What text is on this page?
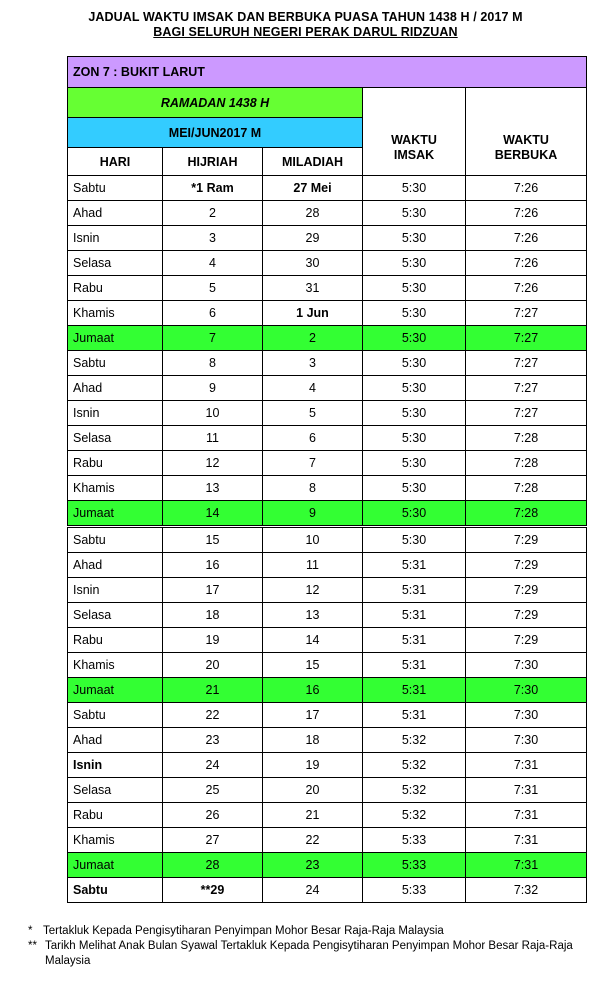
JADUAL WAKTU IMSAK DAN BERBUKA PUASA TAHUN 1438 H / 2017 M
BAGI SELURUH NEGERI PERAK DARUL RIDZUAN
ZON 7 : BUKIT LARUT				
RAMADAN 1438 H			WAKTU IMSAK	WAKTU BERBUKA
MEI/JUN2017 M				
HARI	HIJRIAH	MILADIAH		
Sabtu	*1 Ram	27 Mei	5:30	7:26
Ahad	2	28	5:30	7:26
Isnin	3	29	5:30	7:26
Selasa	4	30	5:30	7:26
Rabu	5	31	5:30	7:26
Khamis	6	1 Jun	5:30	7:27
Jumaat	7	2	5:30	7:27
Sabtu	8	3	5:30	7:27
Ahad	9	4	5:30	7:27
Isnin	10	5	5:30	7:27
Selasa	11	6	5:30	7:28
Rabu	12	7	5:30	7:28
Khamis	13	8	5:30	7:28
Jumaat	14	9	5:30	7:28
Sabtu	15	10	5:30	7:29
Ahad	16	11	5:31	7:29
Isnin	17	12	5:31	7:29
Selasa	18	13	5:31	7:29
Rabu	19	14	5:31	7:29
Khamis	20	15	5:31	7:30
Jumaat	21	16	5:31	7:30
Sabtu	22	17	5:31	7:30
Ahad	23	18	5:32	7:30
Isnin	24	19	5:32	7:31
Selasa	25	20	5:32	7:31
Rabu	26	21	5:32	7:31
Khamis	27	22	5:33	7:31
Jumaat	28	23	5:33	7:31
Sabtu	**29	24	5:33	7:32
* Tertakluk Kepada Pengisytiharan Penyimpan Mohor Besar Raja-Raja Malaysia
** Tarikh Melihat Anak Bulan Syawal Tertakluk Kepada Pengisytiharan Penyimpan Mohor Besar Raja-Raja Malaysia
